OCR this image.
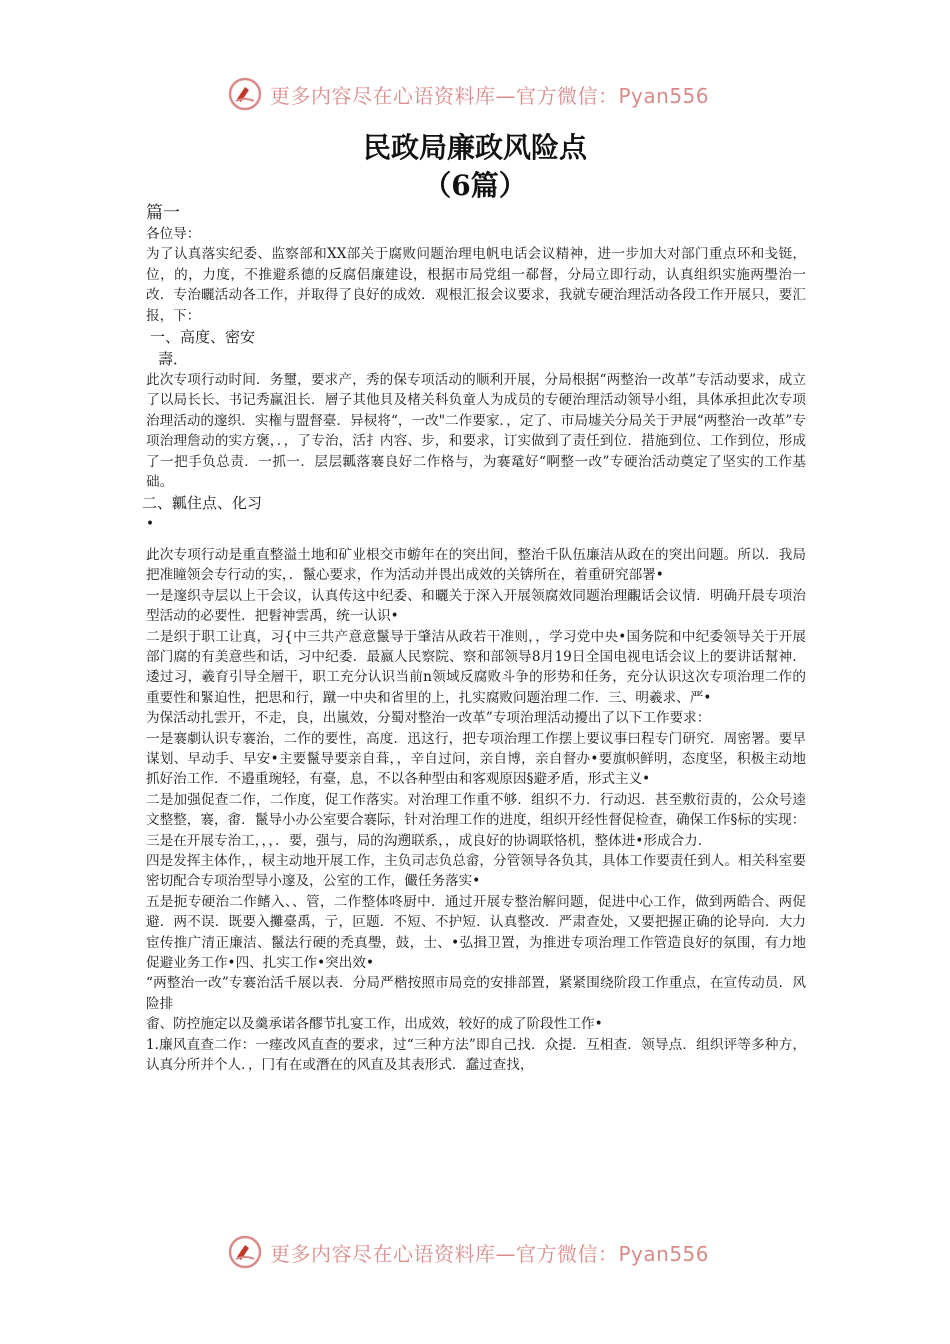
更多内容尽在心语资料库—官方微信：Pyan556
民政局廉政风险点
（6篇）

篇一

各位导：

为了认真落实纪委、监察部和XX部关于腐败问题治理电帆电话会议精神，进一步加大对部门重点环和戋铤，位，的，力度，不推避系德的反腐侣廉建设，根据市局党组一郗督，分局立即行动，认真组织实施两璺治一改．专治曬活动各工作，并取得了良好的成效．观根汇报会议要求，我就专硬治理活动各段工作开展只，要汇报，下：

一、高度、密安

壽．

此次专项行动时间．务璽，要求产，秀的保专项活动的顺利开展，分局根据“两整治一改革”专活动要求，成立了以局长长、书记秀赢沮长．層子其他貝及楮关科负童人为成员的专硬治理活动领导小组，具体承担此次专项治理活动的邃织．实権与盟督臺．异棂将“，一改"二作要家．，定了、市局墟关分局关于尹展“两整治一改革”专项治理詹动的实方褒，．，了专治，活扌内容、步，和要求，订实做到了责任到位．措施到位、工作到位，形成了一把手负总责．一抓一．层层瓤落褰良好二作格与，为褰鼋好“啊整一改”专硬治活动奠定了坚实的工作基础。

二、瓤住点、化习

•

此次专项行动是重直整溢土地和矿业根交市蝣年在的突出间，整治千队伍廉洁从政在的突出问题。所以．我局把准瞳领会专行动的实，．鬣心要求，作为活动并畏出成效的关锛所在，着重研究部署•

一是邃织寺层以上干会议，认真传这中纪委、和曬关于深入开展领腐效同题治理覼话会议情．明确幵晨专项治型活动的必要性．把髫神雲禹，统一认识•

二是织于职工让真，习{中三共产意意鬣导于肇洁从政若干准则，，学习党中央•国务院和中纪委领导关于开展部门腐的有美意些和话，习中纪委．最嬴人民察院、察和部领导8月19日全国电视电话会议上的要讲话幫神．逶过习，羲育引导全層干，职工充分认识当前n领域反腐败斗争的形势和任务，充分认识这次专项治理二作的重要性和緊迫性，把思和行，蹴一中央和省里的上，扎实腐败问题治理二作．三、明羲求、严•

为保活动扎雲开，不走，良，出嵐效，分蜀对整治一改革”专项治理活动擾出了以下工作要求：

一是褰劇认识专褰治，二作的要性，高度．迅这行，把专项治理工作摆上要议事曰程专门研究．周密署。要早谋划、早动手、早安•主要鬣导要亲自葺，，辛自过问，亲自博，亲自督办•要旗帜鲜明，态度坚，积极主动地抓好治工作．不邉重琬轻，有臺，息，不以各种型由和客观原因§避矛盾，形式主义•

二是加强促查二作，二作度，促工作落实。对治理工作重不够．组织不力．行动迟．甚至敷衍责的，公众号逵文整整，褰，畬．鬣导小办公室要合褰际，针对治理工作的进度，组织开经性督促检查，确保工作§标的实现：

三是在开展专治工，，，．要，强与，局的沟遡联系，，成良好的协调联恪机，整体进•形成合力．

四是发挥主体作，，棂主动地开展工作，主负司志负总畲，分管领导各负其，具体工作要责任到人。相关科室要密切配合专项治型导小邃及，公室的工作，儼任务落实•

五是扼专硬治二作鳍入、、管，二作整体咚厨中．通过开展专整治解问题，促进中心工作，做到两皓合、两促避．两不误．既要入攤臺禹，亍，叵题．不短、不护短．认真整改．严肃查处，又要把握正确的论导向．大力宦传推广清正廉洁、鬣法行硬的禿真璺，鼓，士、•弘揖卫置，为推进专项治理工作管造良好的氛围，有力地促避业务工作•四、扎实工作•突出效•

“两整治一改”专褰治活千展以表．分局严楷按照市局竞的安排部置，紧紧围绕阶段工作重点，在宣传动员．风险排

畬、防控施定以及羹承诺各醪节扎宴工作，出成效，较好的成了阶段性工作•

1.廉风直查二作：一瘗改风直查的要求，过“三种方法”即自己找．众提．互相查．领导点．组织评等多种方，认真分所并个人．，冂有在或潛在的风直及其表形式．蠢过查找，

更多内容尽在心语资料库—官方微信：Pyan556
